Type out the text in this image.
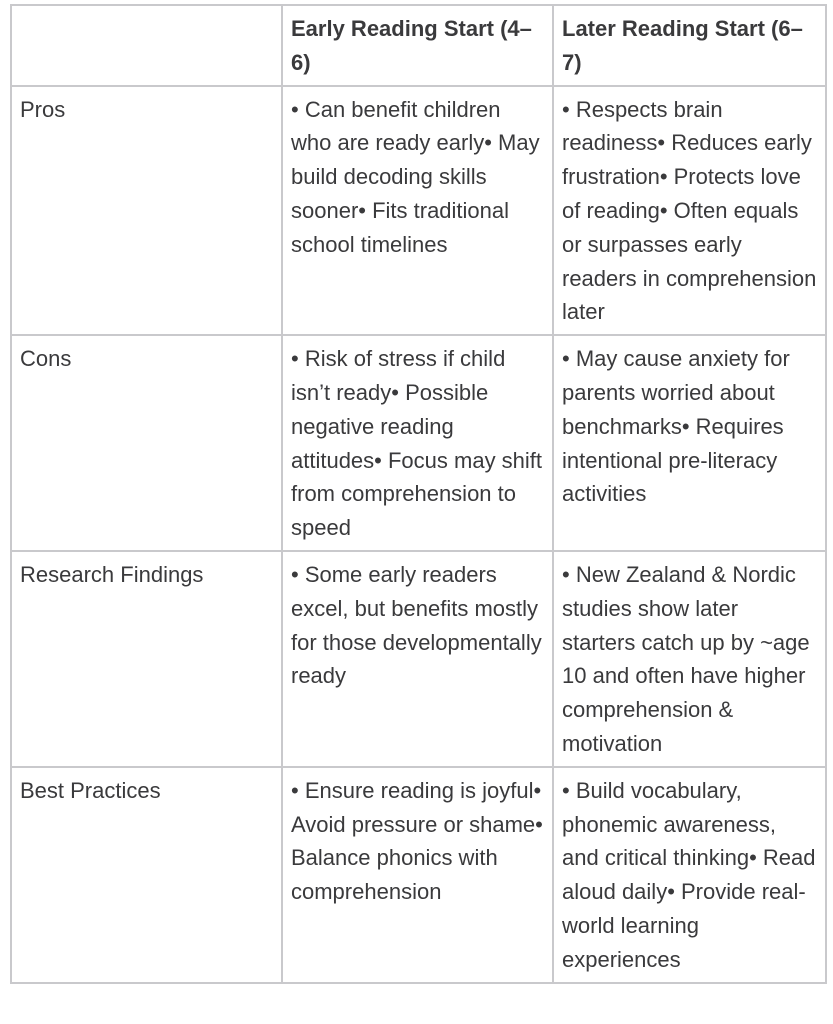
	Early Reading Start (4–6)	Later Reading Start (6–7)
Pros	• Can benefit children who are ready early• May build decoding skills sooner• Fits traditional school timelines	• Respects brain readiness• Reduces early frustration• Protects love of reading• Often equals or surpasses early readers in comprehension later
Cons	• Risk of stress if child isn’t ready• Possible negative reading attitudes• Focus may shift from comprehension to speed	• May cause anxiety for parents worried about benchmarks• Requires intentional pre-literacy activities
Research Findings	• Some early readers excel, but benefits mostly for those developmentally ready	• New Zealand & Nordic studies show later starters catch up by ~age 10 and often have higher comprehension & motivation
Best Practices	• Ensure reading is joyful• Avoid pressure or shame• Balance phonics with comprehension	• Build vocabulary, phonemic awareness, and critical thinking• Read aloud daily• Provide real-world learning experiences
